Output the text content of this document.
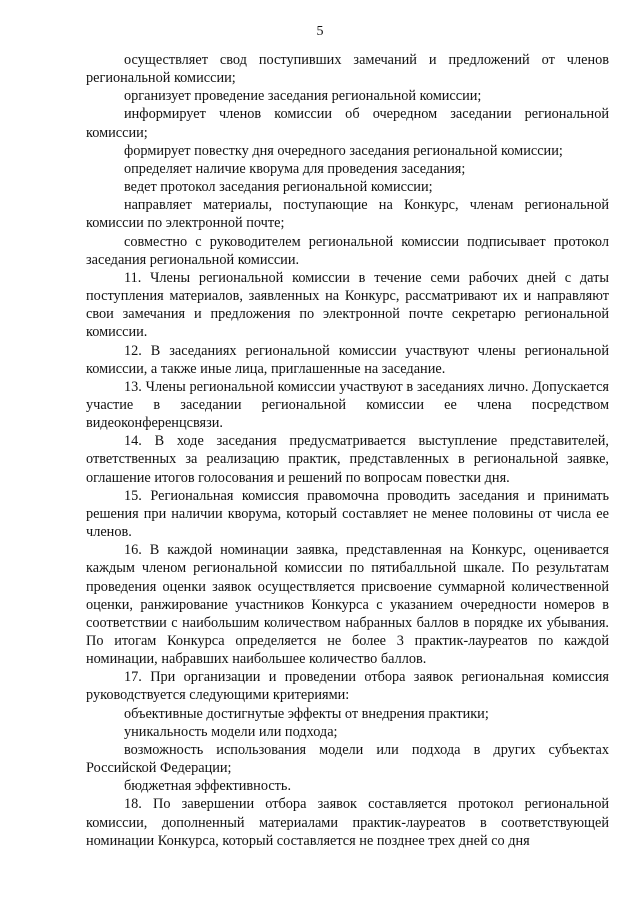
5

осуществляет свод поступивших замечаний и предложений от членов региональной комиссии;

организует проведение заседания региональной комиссии;

информирует членов комиссии об очередном заседании региональной комиссии;

формирует повестку дня очередного заседания региональной комиссии;

определяет наличие кворума для проведения заседания;

ведет протокол заседания региональной комиссии;

направляет материалы, поступающие на Конкурс, членам региональной комиссии по электронной почте;

совместно с руководителем региональной комиссии подписывает протокол заседания региональной комиссии.

11. Члены региональной комиссии в течение семи рабочих дней с даты поступления материалов, заявленных на Конкурс, рассматривают их и направляют свои замечания и предложения по электронной почте секретарю региональной комиссии.

12. В заседаниях региональной комиссии участвуют члены региональной комиссии, а также иные лица, приглашенные на заседание.

13. Члены региональной комиссии участвуют в заседаниях лично. Допускается участие в заседании региональной комиссии ее члена посредством видеоконференцсвязи.

14. В ходе заседания предусматривается выступление представителей, ответственных за реализацию практик, представленных в региональной заявке, оглашение итогов голосования и решений по вопросам повестки дня.

15. Региональная комиссия правомочна проводить заседания и принимать решения при наличии кворума, который составляет не менее половины от числа ее членов.

16. В каждой номинации заявка, представленная на Конкурс, оценивается каждым членом региональной комиссии по пятибалльной шкале. По результатам проведения оценки заявок осуществляется присвоение суммарной количественной оценки, ранжирование участников Конкурса с указанием очередности номеров в соответствии с наибольшим количеством набранных баллов в порядке их убывания. По итогам Конкурса определяется не более 3 практик-лауреатов по каждой номинации, набравших наибольшее количество баллов.

17. При организации и проведении отбора заявок региональная комиссия руководствуется следующими критериями:

объективные достигнутые эффекты от внедрения практики;

уникальность модели или подхода;

возможность использования модели или подхода в других субъектах Российской Федерации;

бюджетная эффективность.

18. По завершении отбора заявок составляется протокол региональной комиссии, дополненный материалами практик-лауреатов в соответствующей номинации Конкурса, который составляется не позднее трех дней со дня
